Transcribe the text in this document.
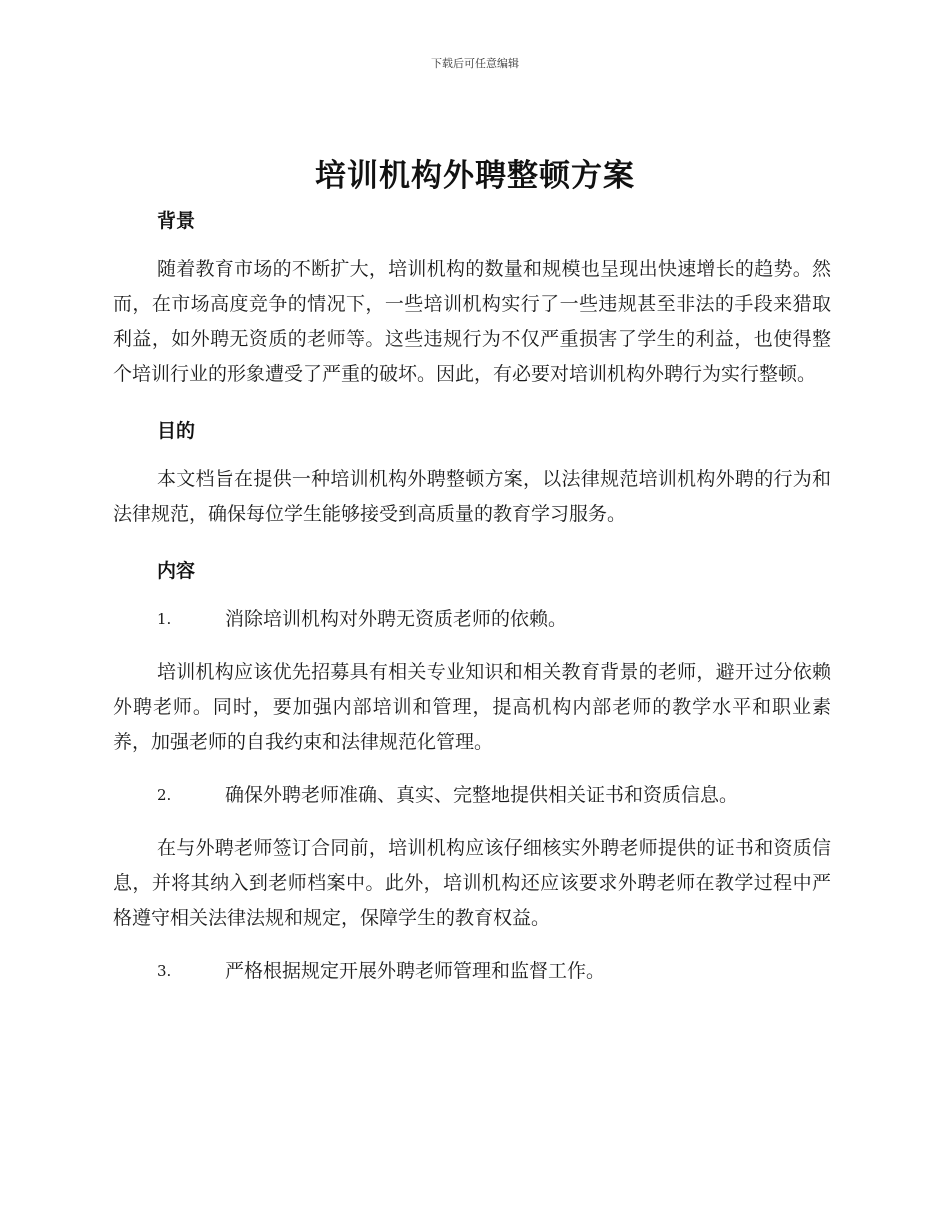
下载后可任意编辑
培训机构外聘整顿方案
背景

随着教育市场的不断扩大，培训机构的数量和规模也呈现出快速增长的趋势。然而，在市场高度竞争的情况下，一些培训机构实行了一些违规甚至非法的手段来猎取利益，如外聘无资质的老师等。这些违规行为不仅严重损害了学生的利益，也使得整个培训行业的形象遭受了严重的破坏。因此，有必要对培训机构外聘行为实行整顿。

目的

本文档旨在提供一种培训机构外聘整顿方案，以法律规范培训机构外聘的行为和法律规范，确保每位学生能够接受到高质量的教育学习服务。

内容
1.	消除培训机构对外聘无资质老师的依赖。

培训机构应该优先招募具有相关专业知识和相关教育背景的老师，避开过分依赖外聘老师。同时，要加强内部培训和管理，提高机构内部老师的教学水平和职业素养，加强老师的自我约束和法律规范化管理。

2.	确保外聘老师准确、真实、完整地提供相关证书和资质信息。

在与外聘老师签订合同前，培训机构应该仔细核实外聘老师提供的证书和资质信息，并将其纳入到老师档案中。此外，培训机构还应该要求外聘老师在教学过程中严格遵守相关法律法规和规定，保障学生的教育权益。

3.	严格根据规定开展外聘老师管理和监督工作。
